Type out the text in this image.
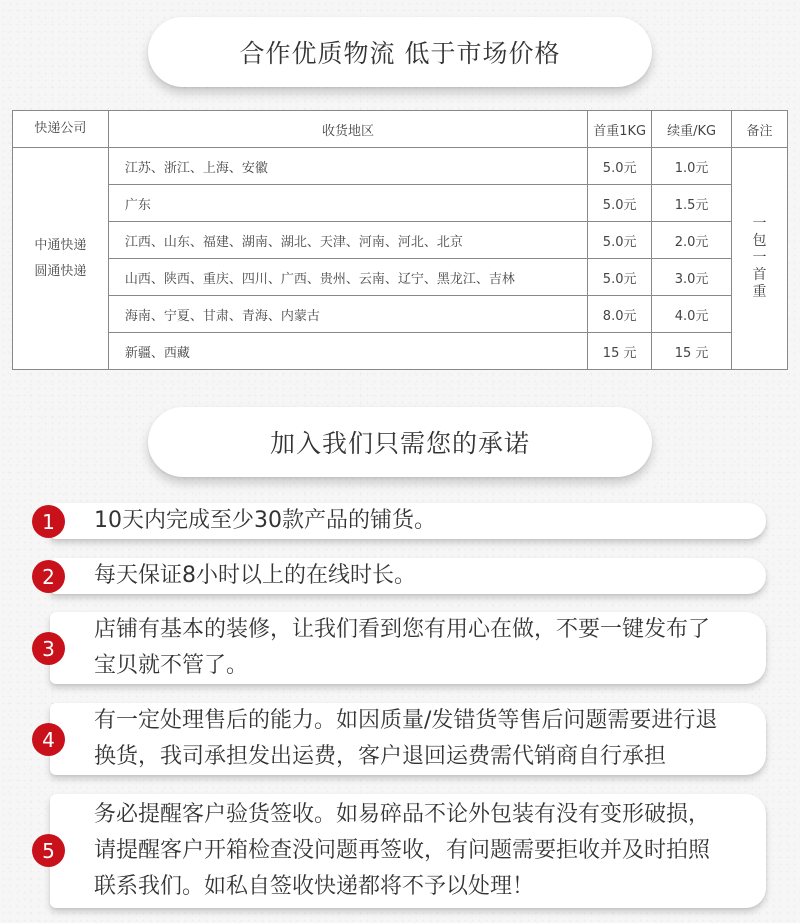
合作优质物流 低于市场价格
快递公司	收货地区	首重1KG	续重/KG	备注

中通快递
圆通快递	江苏、浙江、上海、安徽	5.0元	1.0元	一包一首重
	广东	5.0元	1.5元	
	江西、山东、福建、湖南、湖北、天津、河南、河北、北京	5.0元	2.0元	
	山西、陕西、重庆、四川、广西、贵州、云南、辽宁、黑龙江、吉林	5.0元	3.0元	
	海南、宁夏、甘肃、青海、内蒙古	8.0元	4.0元	
	新疆、西藏	15 元	15 元	
加入我们只需您的承诺
1	10天内完成至少30款产品的铺货。
2	每天保证8小时以上的在线时长。
3
店铺有基本的装修，让我们看到您有用心在做，不要一键发布了
宝贝就不管了。
4
有一定处理售后的能力。如因质量/发错货等售后问题需要进行退
换货，我司承担发出运费，客户退回运费需代销商自行承担
5
务必提醒客户验货签收。如易碎品不论外包装有没有变形破损，
请提醒客户开箱检查没问题再签收，有问题需要拒收并及时拍照
联系我们。如私自签收快递都将不予以处理！
